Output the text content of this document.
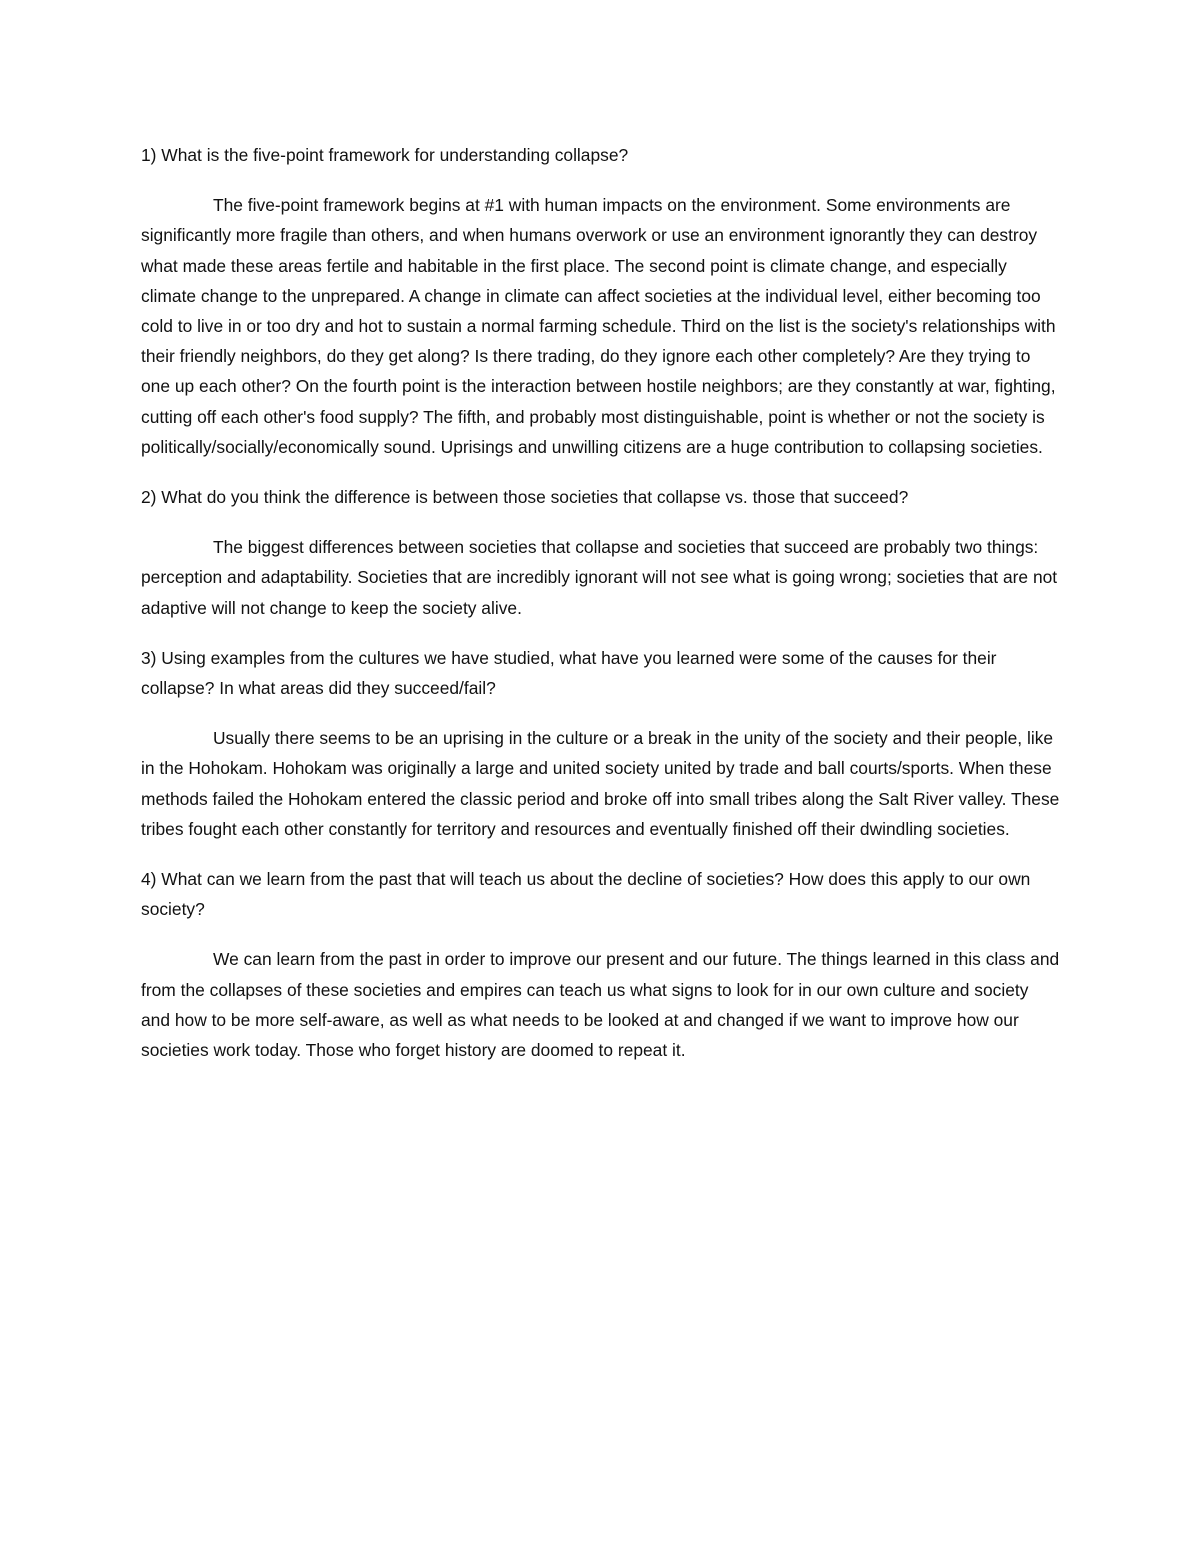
1) What is the five-point framework for understanding collapse?

The five-point framework begins at #1 with human impacts on the environment. Some environments are significantly more fragile than others, and when humans overwork or use an environment ignorantly they can destroy what made these areas fertile and habitable in the first place. The second point is climate change, and especially climate change to the unprepared. A change in climate can affect societies at the individual level, either becoming too cold to live in or too dry and hot to sustain a normal farming schedule. Third on the list is the society's relationships with their friendly neighbors, do they get along? Is there trading, do they ignore each other completely? Are they trying to one up each other? On the fourth point is the interaction between hostile neighbors; are they constantly at war, fighting, cutting off each other's food supply? The fifth, and probably most distinguishable, point is whether or not the society is politically/socially/economically sound. Uprisings and unwilling citizens are a huge contribution to collapsing societies.

2) What do you think the difference is between those societies that collapse vs. those that succeed?

The biggest differences between societies that collapse and societies that succeed are probably two things: perception and adaptability. Societies that are incredibly ignorant will not see what is going wrong; societies that are not adaptive will not change to keep the society alive.

3) Using examples from the cultures we have studied, what have you learned were some of the causes for their collapse? In what areas did they succeed/fail?

Usually there seems to be an uprising in the culture or a break in the unity of the society and their people, like in the Hohokam. Hohokam was originally a large and united society united by trade and ball courts/sports. When these methods failed the Hohokam entered the classic period and broke off into small tribes along the Salt River valley. These tribes fought each other constantly for territory and resources and eventually finished off their dwindling societies.

4) What can we learn from the past that will teach us about the decline of societies? How does this apply to our own society?

We can learn from the past in order to improve our present and our future. The things learned in this class and from the collapses of these societies and empires can teach us what signs to look for in our own culture and society and how to be more self-aware, as well as what needs to be looked at and changed if we want to improve how our societies work today. Those who forget history are doomed to repeat it.
